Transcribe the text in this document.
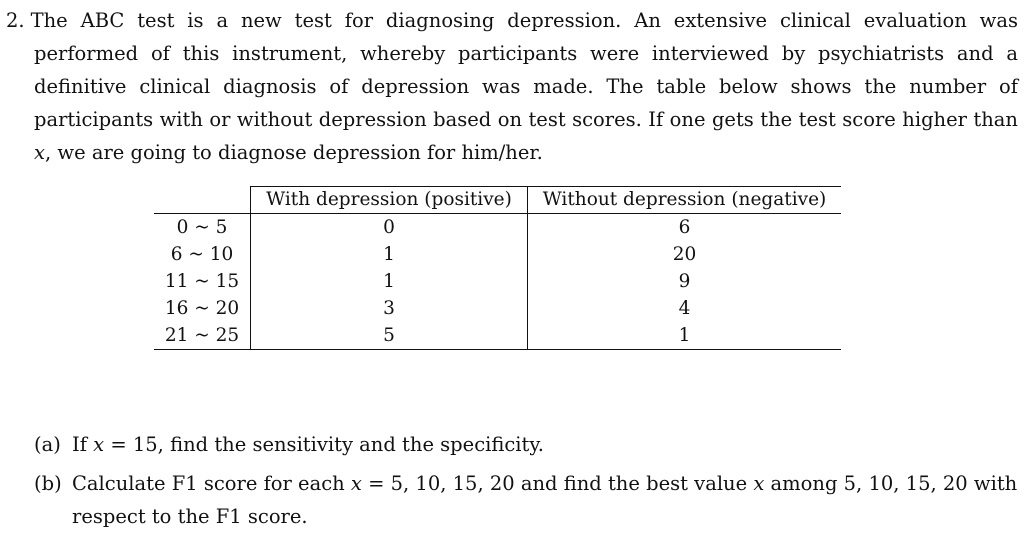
2. The ABC test is a new test for diagnosing depression. An extensive clinical evaluation was performed of this instrument, whereby participants were interviewed by psychiatrists and a definitive clinical diagnosis of depression was made. The table below shows the number of participants with or without depression based on test scores. If one gets the test score higher than x, we are going to diagnose depression for him/her.
	With depression (positive)	Without depression (negative)
0 ~ 5	0	6
6 ~ 10	1	20
11 ~ 15	1	9
16 ~ 20	3	4
21 ~ 25	5	1
(a) If x = 15, find the sensitivity and the specificity.
(b) Calculate F1 score for each x = 5, 10, 15, 20 and find the best value x among 5, 10, 15, 20 with respect to the F1 score.
